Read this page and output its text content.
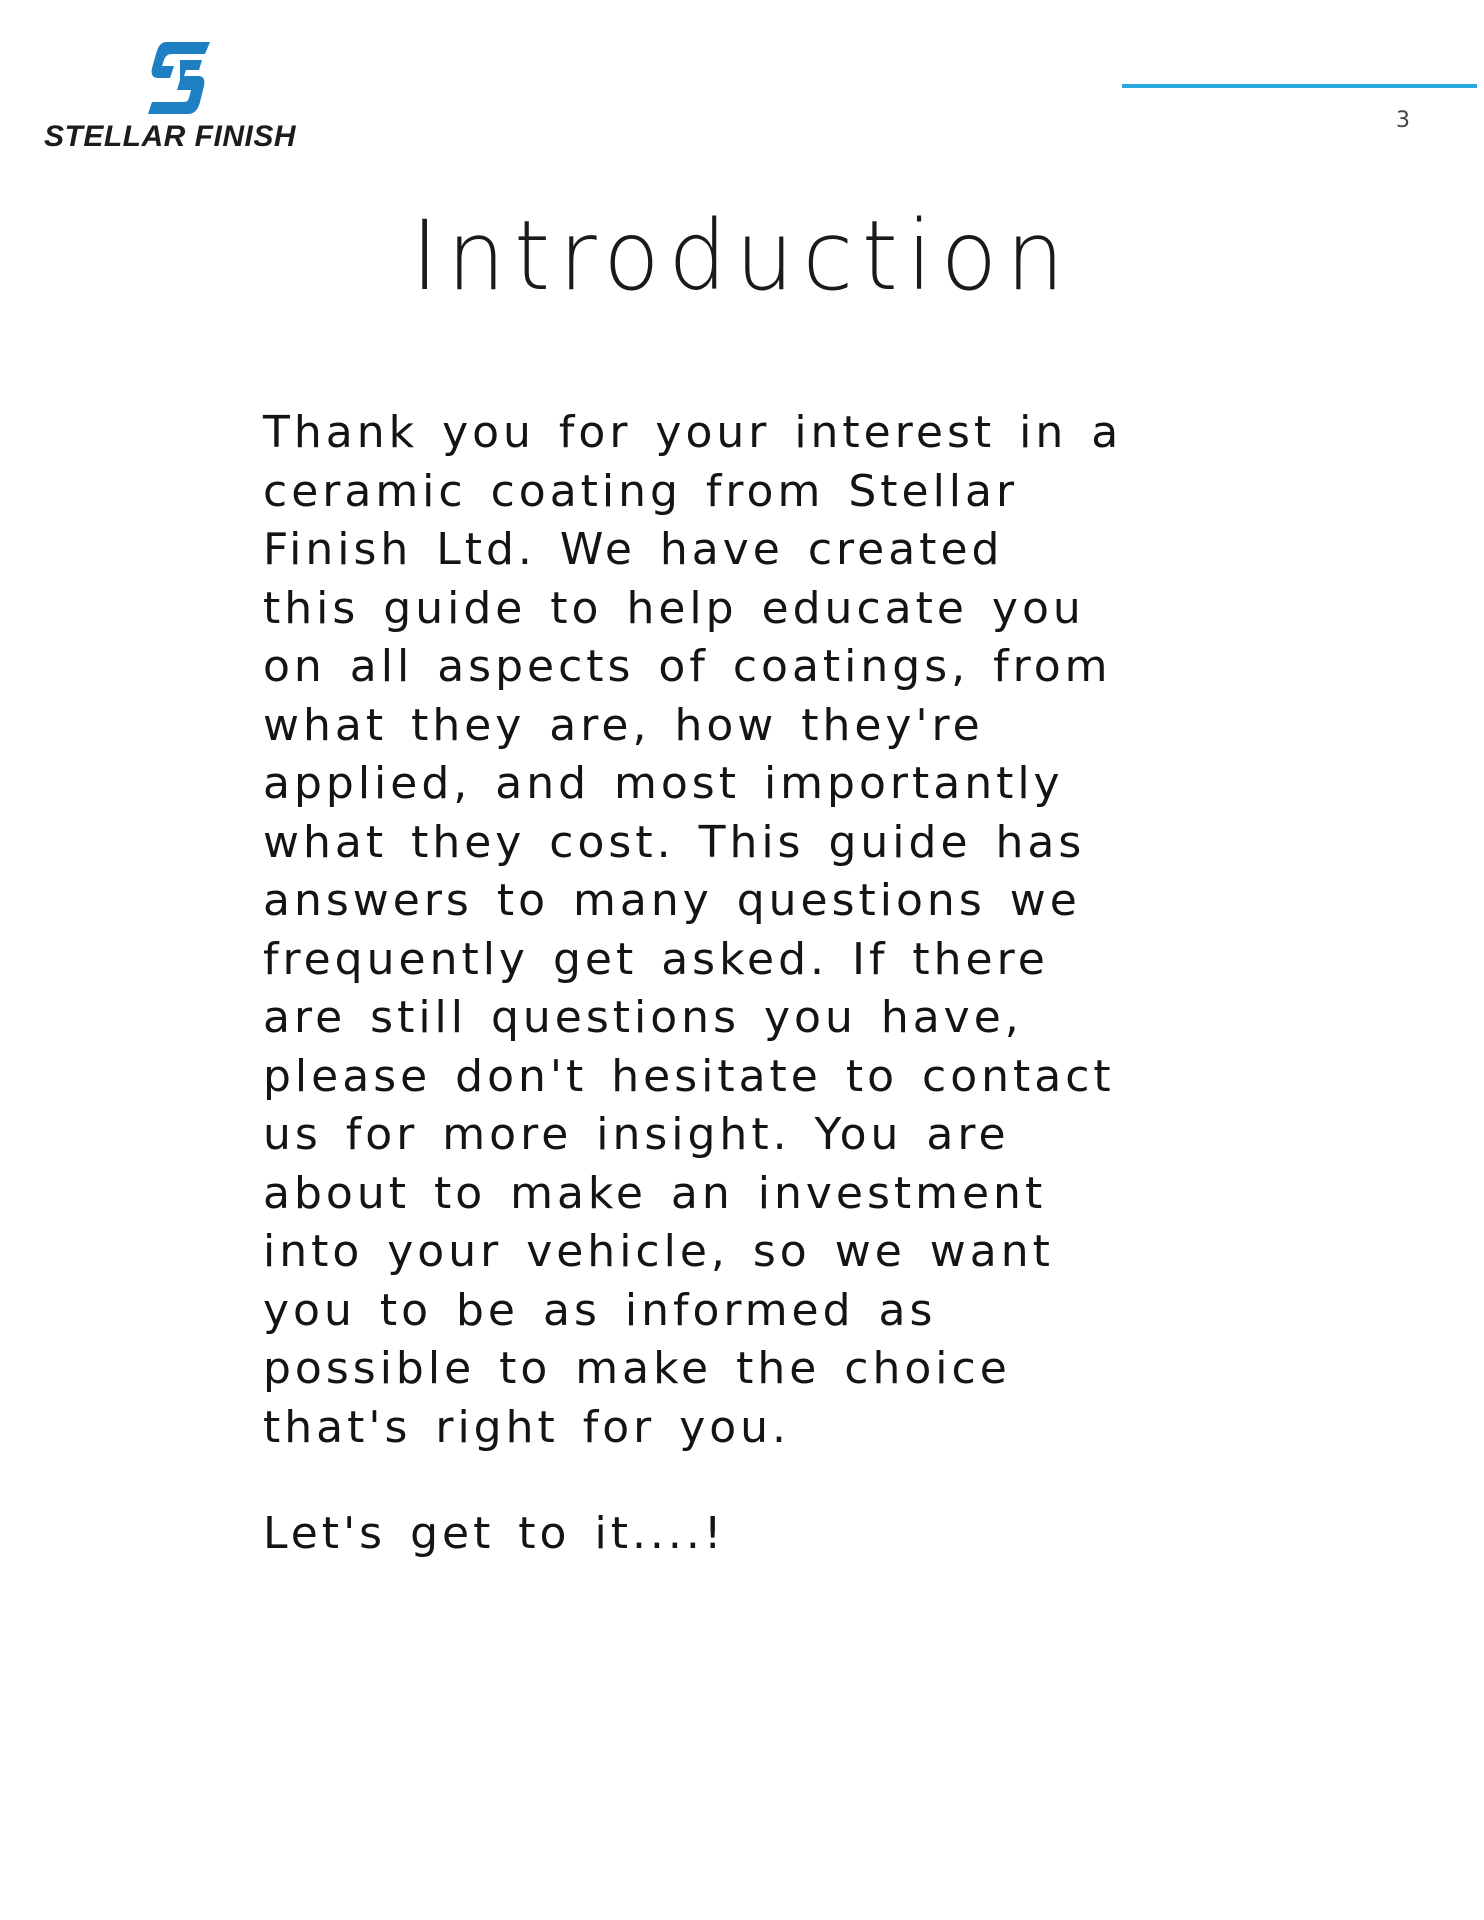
STELLAR FINISH	3
Introduction
Thank you for your interest in a
ceramic coating from Stellar
Finish Ltd. We have created
this guide to help educate you
on all aspects of coatings, from
what they are, how they're
applied, and most importantly
what they cost. This guide has
answers to many questions we
frequently get asked. If there
are still questions you have,
please don't hesitate to contact
us for more insight. You are
about to make an investment
into your vehicle, so we want
you to be as informed as
possible to make the choice
that's right for you.
Let's get to it....!
